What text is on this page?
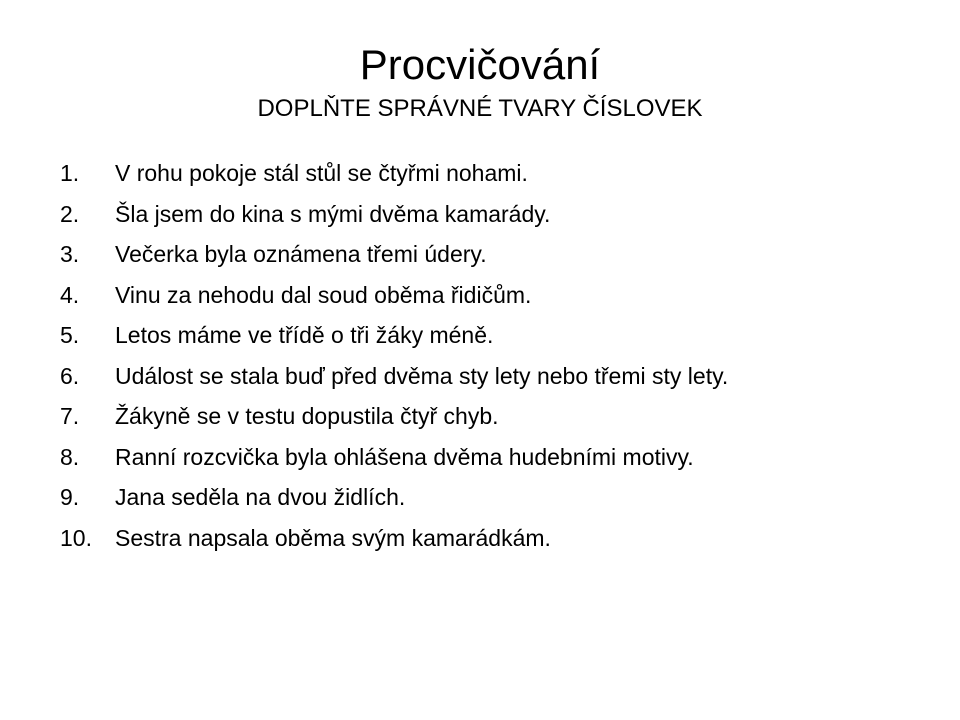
Procvičování
DOPLŇTE SPRÁVNÉ TVARY ČÍSLOVEK
1.	V rohu pokoje stál stůl se čtyřmi nohami.
2.	Šla jsem do kina s mými dvěma kamarády.
3.	Večerka byla oznámena třemi údery.
4.	Vinu za nehodu dal soud oběma řidičům.
5.	Letos máme ve třídě o tři žáky méně.
6.	Událost se stala buď před dvěma sty lety nebo třemi sty lety.
7.	Žákyně se v testu dopustila čtyř chyb.
8.	Ranní rozcvička byla ohlášena dvěma hudebními motivy.
9.	Jana seděla na dvou židlích.
10.	Sestra napsala oběma svým kamarádkám.
